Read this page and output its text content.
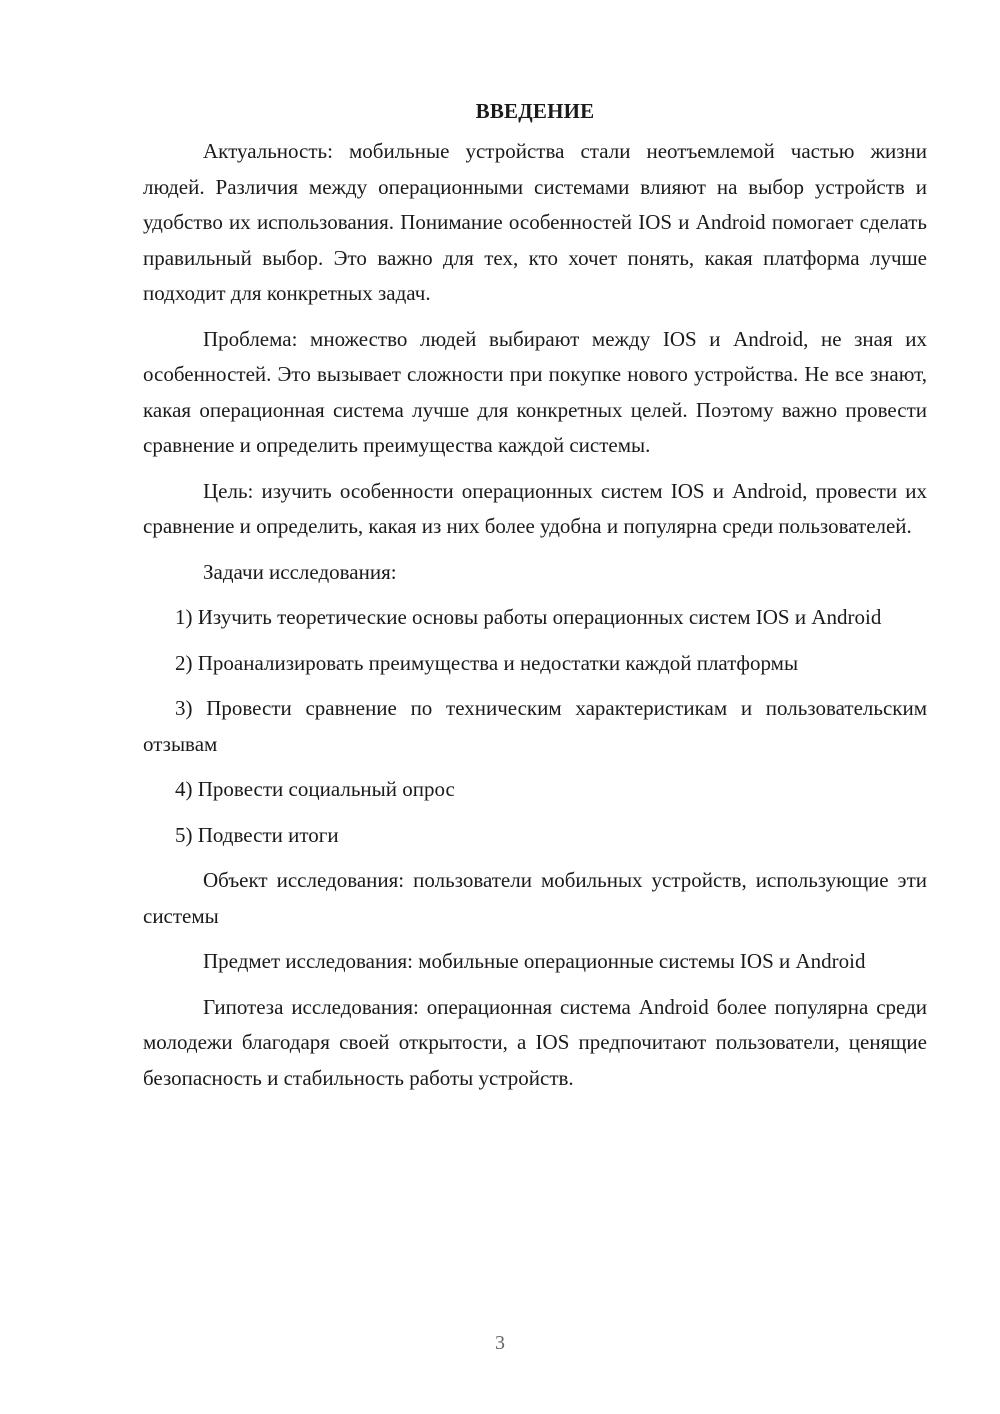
ВВЕДЕНИЕ

Актуальность: мобильные устройства стали неотъемлемой частью жизни людей. Различия между операционными системами влияют на выбор устройств и удобство их использования. Понимание особенностей IOS и Android помогает сделать правильный выбор. Это важно для тех, кто хочет понять, какая платформа лучше подходит для конкретных задач.

Проблема: множество людей выбирают между IOS и Android, не зная их особенностей. Это вызывает сложности при покупке нового устройства. Не все знают, какая операционная система лучше для конкретных целей. Поэтому важно провести сравнение и определить преимущества каждой системы.

Цель: изучить особенности операционных систем IOS и Android, провести их сравнение и определить, какая из них более удобна и популярна среди пользователей.

Задачи исследования:

1) Изучить теоретические основы работы операционных систем IOS и Android

2) Проанализировать преимущества и недостатки каждой платформы

3) Провести сравнение по техническим характеристикам и пользовательским отзывам

4) Провести социальный опрос

5) Подвести итоги

Объект исследования: пользователи мобильных устройств, использующие эти системы

Предмет исследования: мобильные операционные системы IOS и Android

Гипотеза исследования: операционная система Android более популярна среди молодежи благодаря своей открытости, а IOS предпочитают пользователи, ценящие безопасность и стабильность работы устройств.

3
